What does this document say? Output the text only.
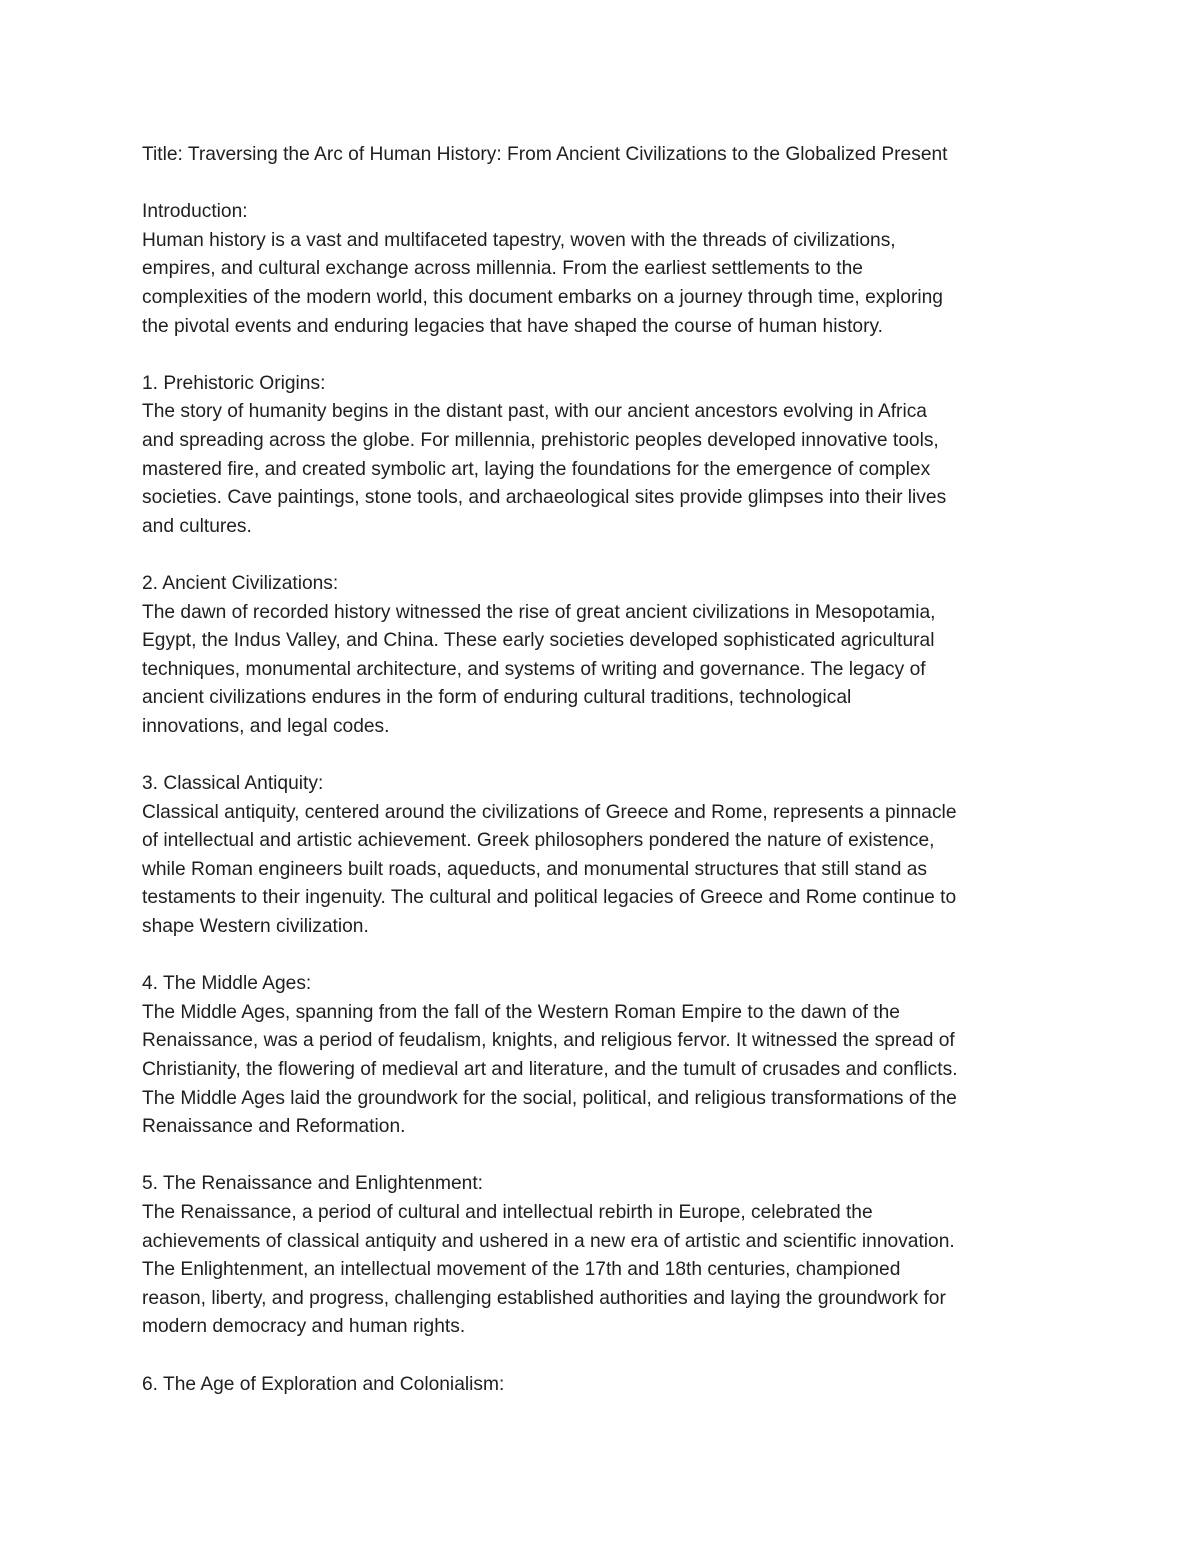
Title: Traversing the Arc of Human History: From Ancient Civilizations to the Globalized Present
Introduction:
Human history is a vast and multifaceted tapestry, woven with the threads of civilizations,
empires, and cultural exchange across millennia. From the earliest settlements to the
complexities of the modern world, this document embarks on a journey through time, exploring
the pivotal events and enduring legacies that have shaped the course of human history.
1. Prehistoric Origins:
The story of humanity begins in the distant past, with our ancient ancestors evolving in Africa
and spreading across the globe. For millennia, prehistoric peoples developed innovative tools,
mastered fire, and created symbolic art, laying the foundations for the emergence of complex
societies. Cave paintings, stone tools, and archaeological sites provide glimpses into their lives
and cultures.
2. Ancient Civilizations:
The dawn of recorded history witnessed the rise of great ancient civilizations in Mesopotamia,
Egypt, the Indus Valley, and China. These early societies developed sophisticated agricultural
techniques, monumental architecture, and systems of writing and governance. The legacy of
ancient civilizations endures in the form of enduring cultural traditions, technological
innovations, and legal codes.
3. Classical Antiquity:
Classical antiquity, centered around the civilizations of Greece and Rome, represents a pinnacle
of intellectual and artistic achievement. Greek philosophers pondered the nature of existence,
while Roman engineers built roads, aqueducts, and monumental structures that still stand as
testaments to their ingenuity. The cultural and political legacies of Greece and Rome continue to
shape Western civilization.
4. The Middle Ages:
The Middle Ages, spanning from the fall of the Western Roman Empire to the dawn of the
Renaissance, was a period of feudalism, knights, and religious fervor. It witnessed the spread of
Christianity, the flowering of medieval art and literature, and the tumult of crusades and conflicts.
The Middle Ages laid the groundwork for the social, political, and religious transformations of the
Renaissance and Reformation.
5. The Renaissance and Enlightenment:
The Renaissance, a period of cultural and intellectual rebirth in Europe, celebrated the
achievements of classical antiquity and ushered in a new era of artistic and scientific innovation.
The Enlightenment, an intellectual movement of the 17th and 18th centuries, championed
reason, liberty, and progress, challenging established authorities and laying the groundwork for
modern democracy and human rights.
6. The Age of Exploration and Colonialism:
